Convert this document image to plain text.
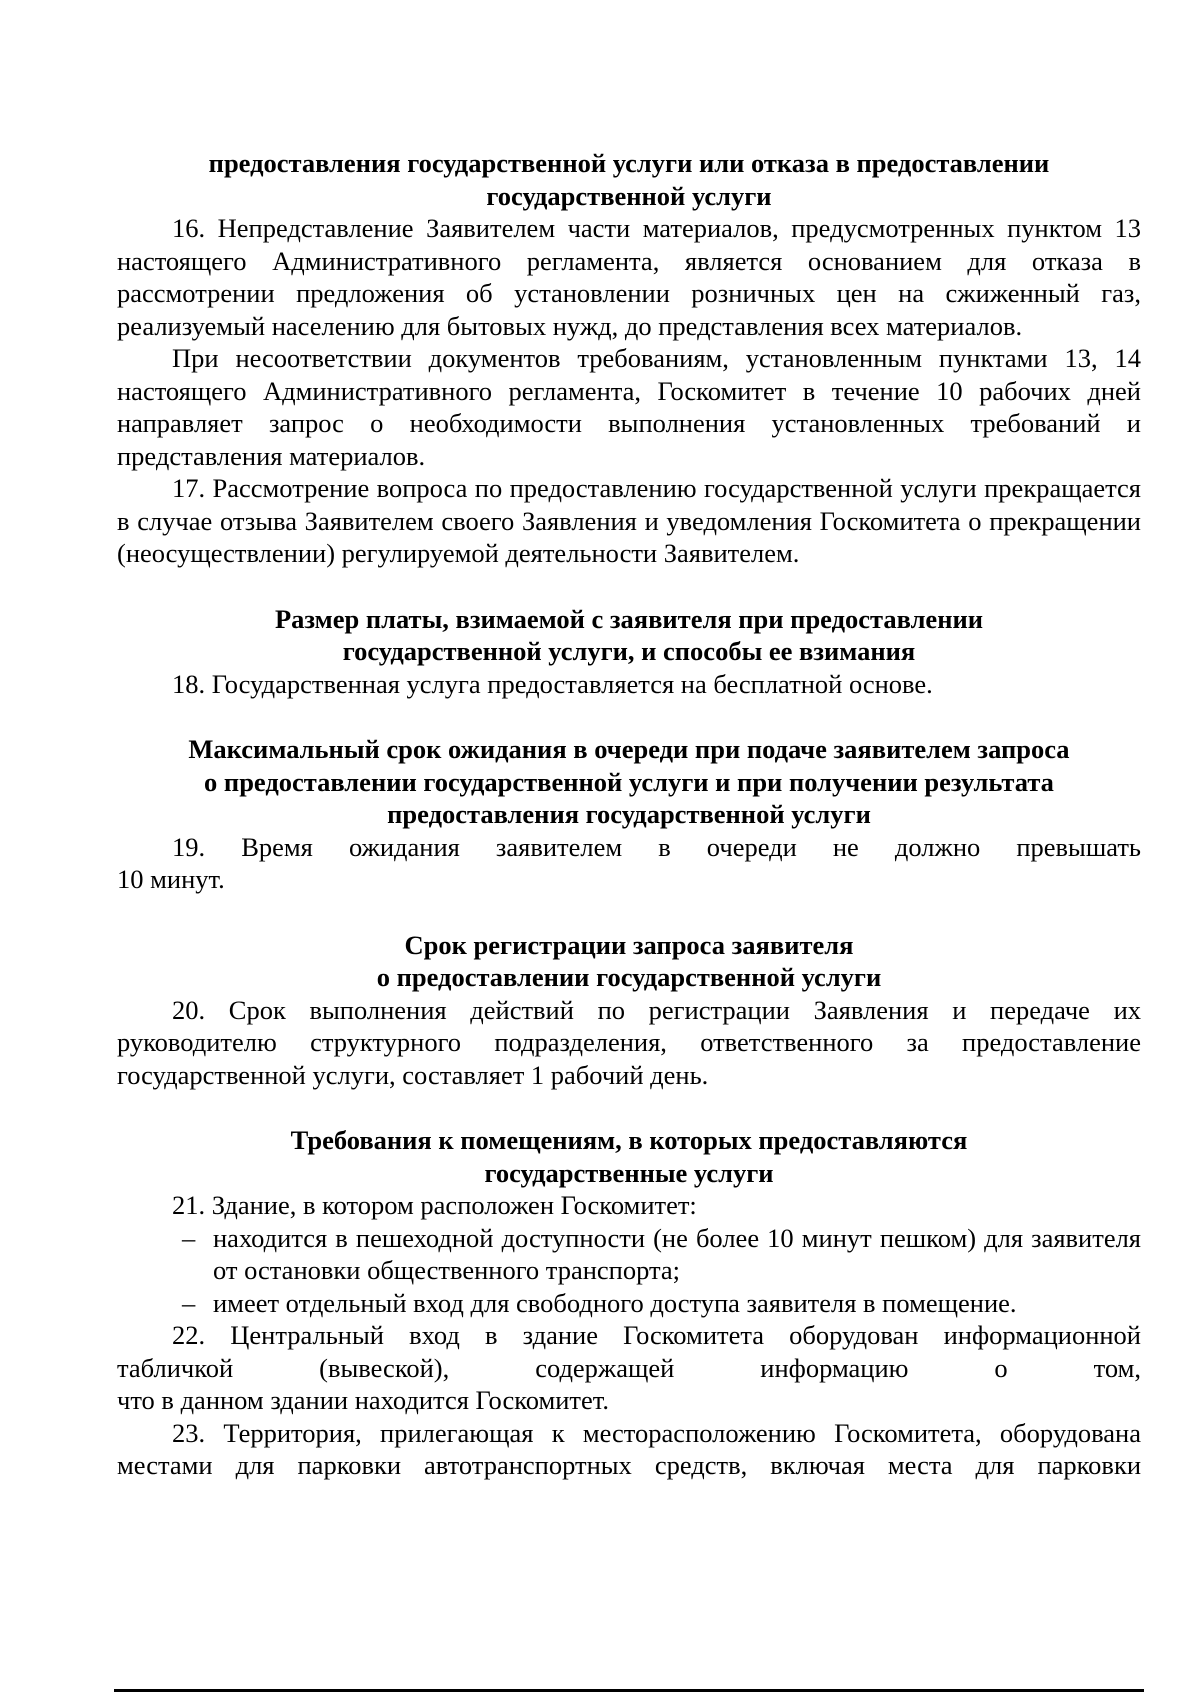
предоставления государственной услуги или отказа в предоставлении
государственной услуги

16. Непредставление Заявителем части материалов, предусмотренных пунктом 13 настоящего Административного регламента, является основанием для отказа в рассмотрении предложения об установлении розничных цен на сжиженный газ, реализуемый населению для бытовых нужд, до представления всех материалов.

При несоответствии документов требованиям, установленным пунктами 13, 14 настоящего Административного регламента, Госкомитет в течение 10 рабочих дней направляет запрос о необходимости выполнения установленных требований и представления материалов.

17. Рассмотрение вопроса по предоставлению государственной услуги прекращается в случае отзыва Заявителем своего Заявления и уведомления Госкомитета о прекращении (неосуществлении) регулируемой деятельности Заявителем.

Размер платы, взимаемой с заявителя при предоставлении
государственной услуги, и способы ее взимания

18. Государственная услуга предоставляется на бесплатной основе.

Максимальный срок ожидания в очереди при подаче заявителем запроса
о предоставлении государственной услуги и при получении результата
предоставления государственной услуги

19. Время ожидания заявителем в очереди не должно превышать

10 минут.

Срок регистрации запроса заявителя
о предоставлении государственной услуги

20. Срок выполнения действий по регистрации Заявления и передаче их руководителю структурного подразделения, ответственного за предоставление государственной услуги, составляет 1 рабочий день.

Требования к помещениям, в которых предоставляются
государственные услуги

21. Здание, в котором расположен Госкомитет:

– находится в пешеходной доступности (не более 10 минут пешком) для заявителя от остановки общественного транспорта;

– имеет отдельный вход для свободного доступа заявителя в помещение.

22. Центральный вход в здание Госкомитета оборудован информационной

табличкой (вывеской), содержащей информацию о том,

что в данном здании находится Госкомитет.

23. Территория, прилегающая к месторасположению Госкомитета, оборудована местами для парковки автотранспортных средств, включая места для парковки
